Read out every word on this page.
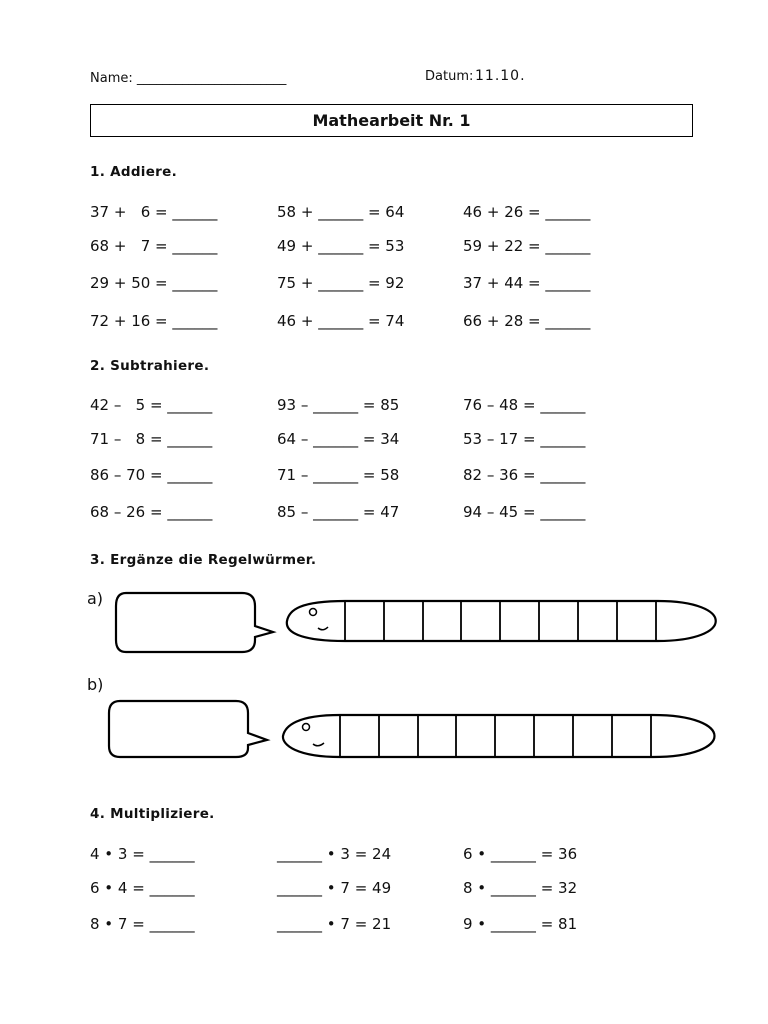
Name: _______________________	Datum: 11.10.
Mathearbeit Nr. 1
1. Addiere.
37 +   6 = ______
68 +   7 = ______
29 + 50 = ______
72 + 16 = ______
58 + ______ = 64
49 + ______ = 53
75 + ______ = 92
46 + ______ = 74
46 + 26 = ______
59 + 22 = ______
37 + 44 = ______
66 + 28 = ______
2. Subtrahiere.
42 –   5 = ______
71 –   8 = ______
86 – 70 = ______
68 – 26 = ______
93 – ______ = 85
64 – ______ = 34
71 – ______ = 58
85 – ______ = 47
76 – 48 = ______
53 – 17 = ______
82 – 36 = ______
94 – 45 = ______
3. Ergänze die Regelwürmer.
a)
b)
4. Multipliziere.
4 • 3 = ______
6 • 4 = ______
8 • 7 = ______
______ • 3 = 24
______ • 7 = 49
______ • 7 = 21
6 • ______ = 36
8 • ______ = 32
9 • ______ = 81
